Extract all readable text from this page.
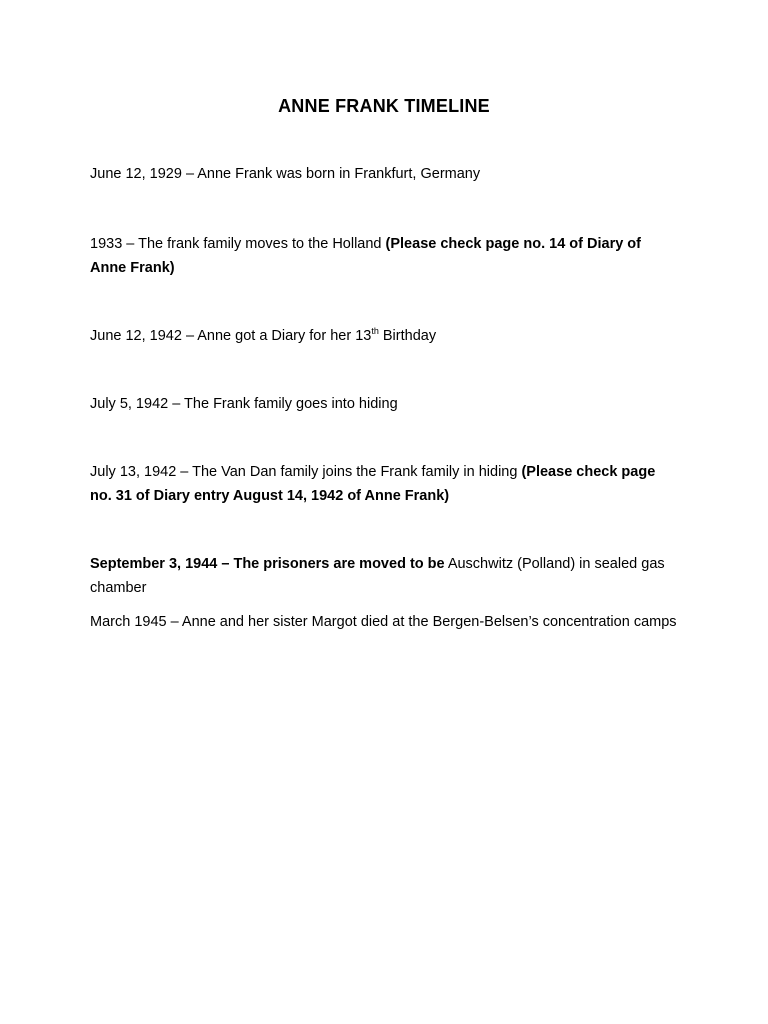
ANNE FRANK TIMELINE

June 12, 1929 – Anne Frank was born in Frankfurt, Germany

1933 – The frank family moves to the Holland (Please check page no. 14 of Diary of Anne Frank)

June 12, 1942 – Anne got a Diary for her 13th Birthday

July 5, 1942 – The Frank family goes into hiding

July 13, 1942 – The Van Dan family joins the Frank family in hiding (Please check page no. 31 of Diary entry August 14, 1942 of Anne Frank)

September 3, 1944 – The prisoners are moved to be Auschwitz (Polland) in sealed gas chamber

March 1945 – Anne and her sister Margot died at the Bergen-Belsen’s concentration camps
